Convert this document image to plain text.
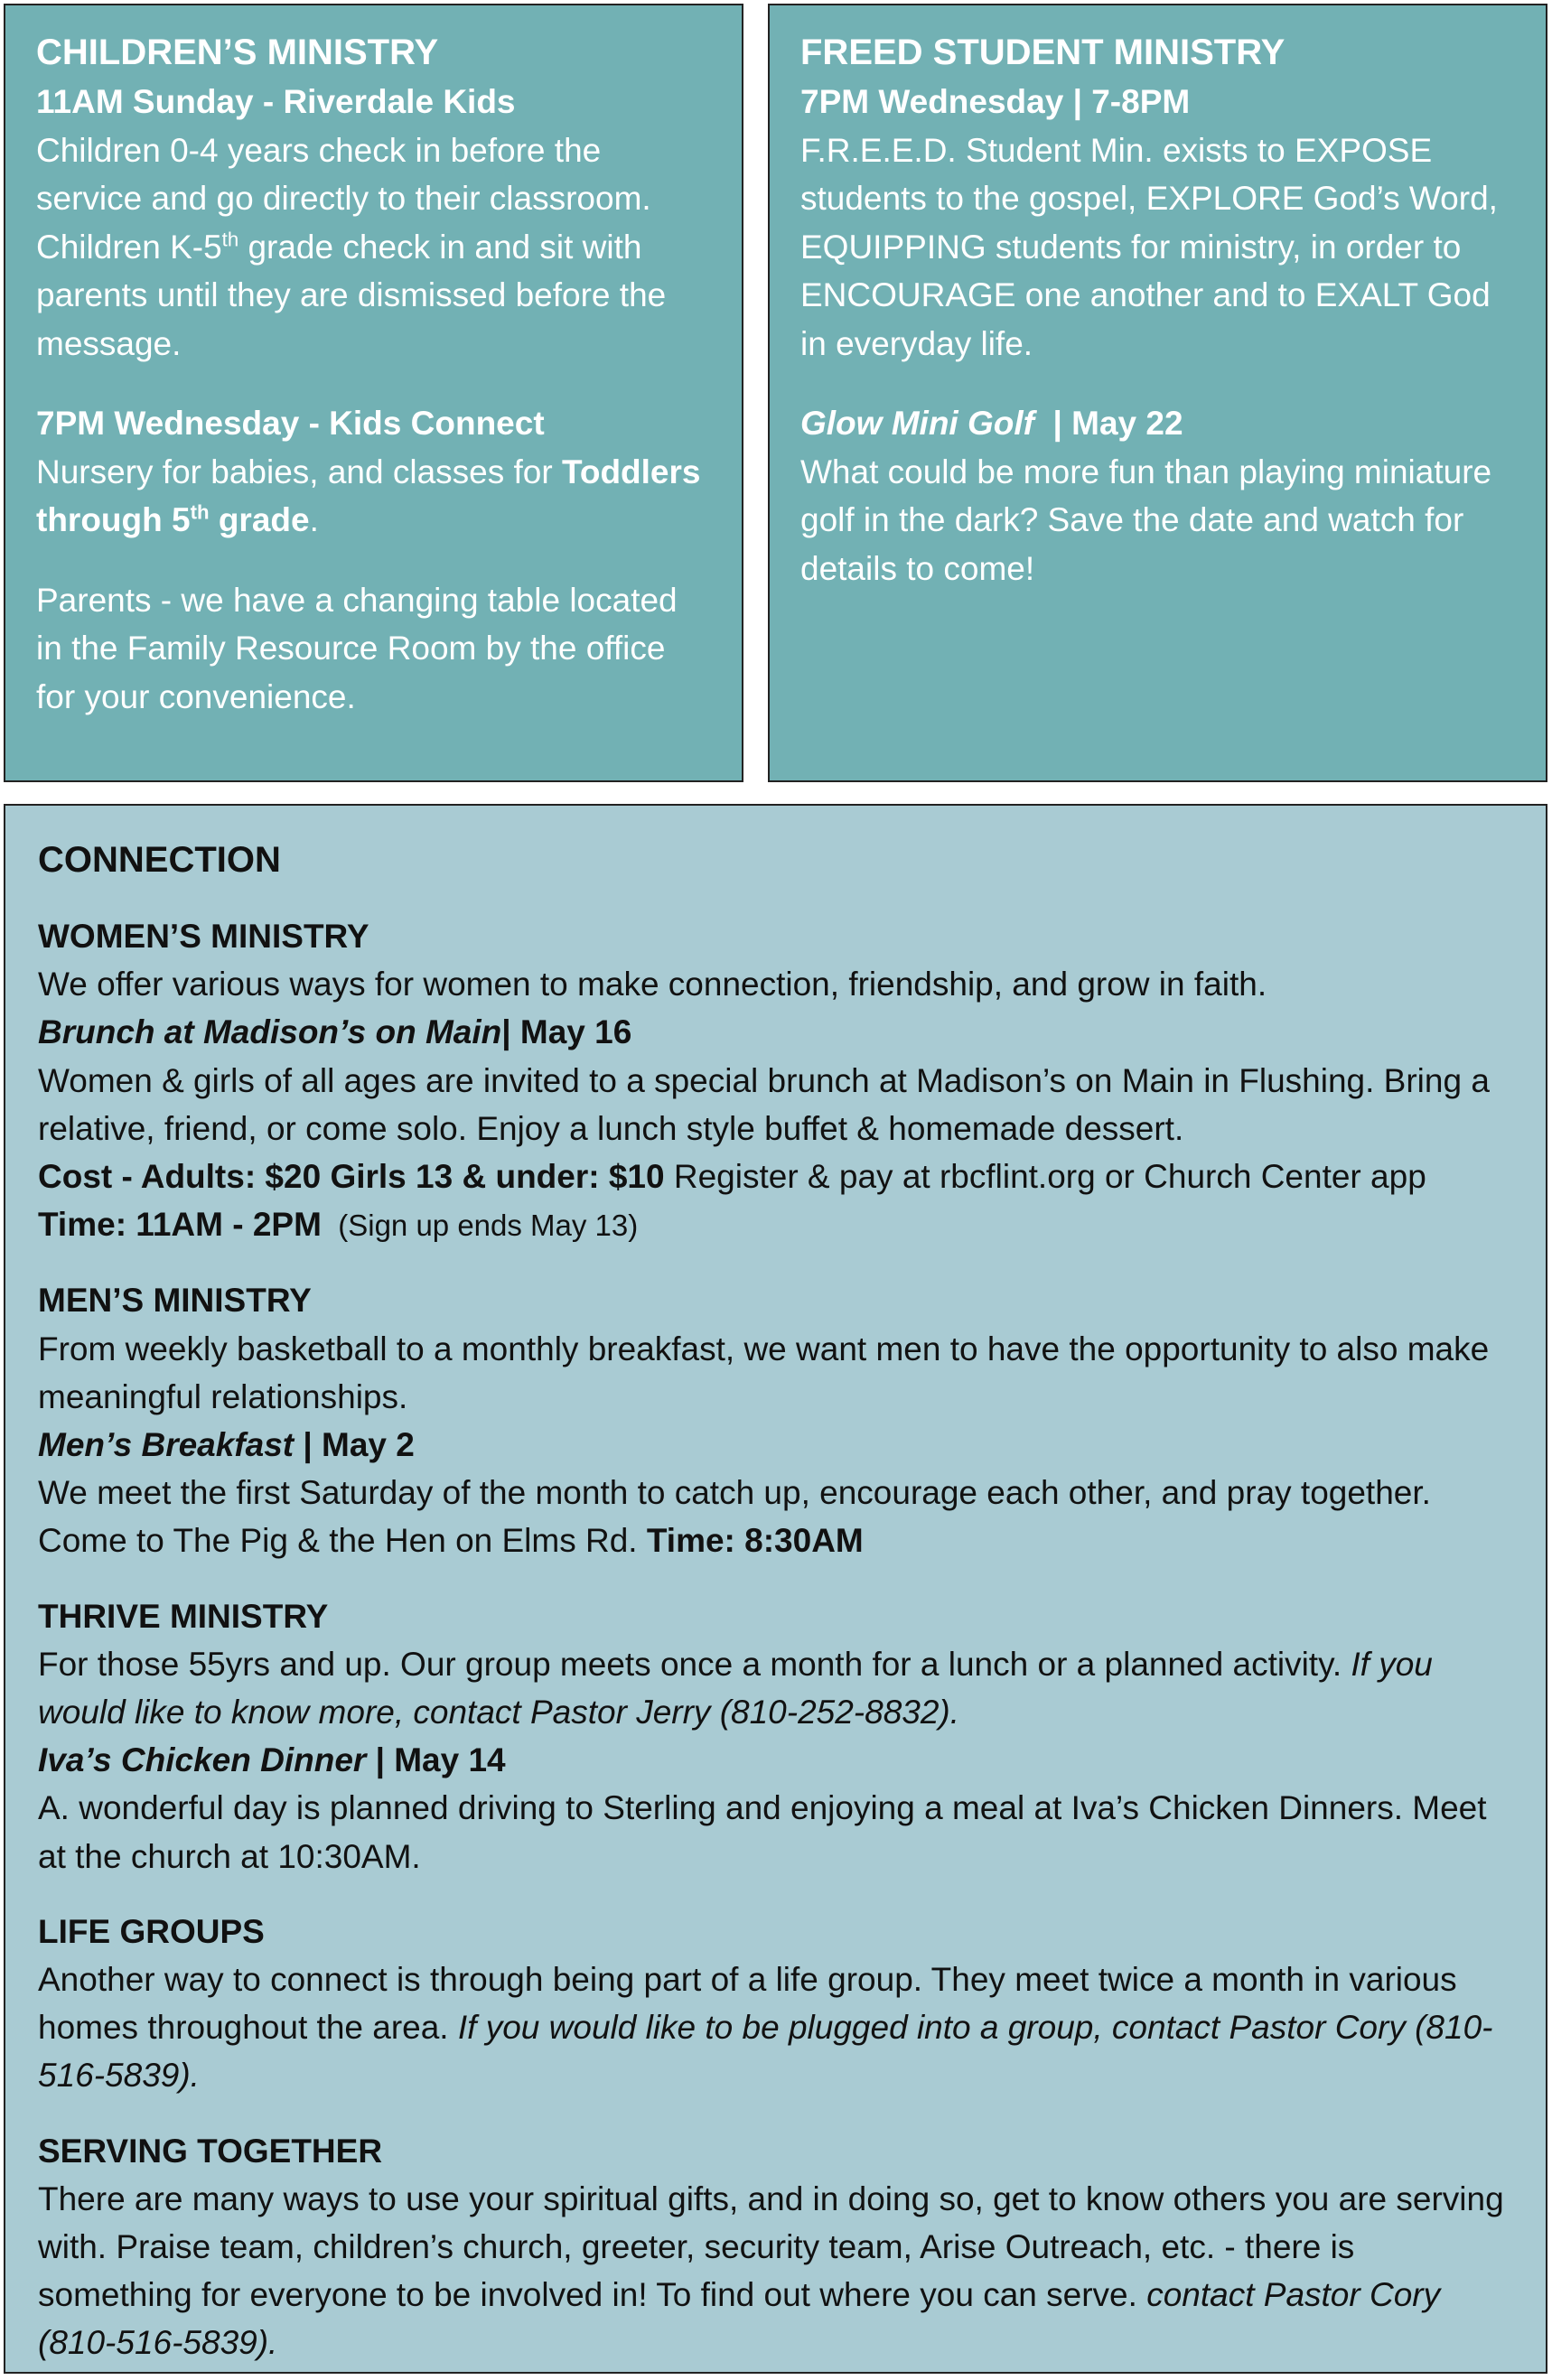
CHILDREN’S MINISTRY
11AM Sunday - Riverdale Kids

Children 0-4 years check in before the service and go directly to their classroom. Children K-5th grade check in and sit with parents until they are dismissed before the message.

7PM Wednesday - Kids Connect

Nursery for babies, and classes for Toddlers through 5th grade.

Parents - we have a changing table located in the Family Resource Room by the office for your convenience.

FREED STUDENT MINISTRY
7PM Wednesday | 7-8PM

F.R.E.E.D. Student Min. exists to EXPOSE students to the gospel, EXPLORE God’s Word, EQUIPPING students for ministry, in order to ENCOURAGE one another and to EXALT God in everyday life.

Glow Mini Golf  | May 22

What could be more fun than playing miniature golf in the dark? Save the date and watch for details to come!

CONNECTION
WOMEN’S MINISTRY

We offer various ways for women to make connection, friendship, and grow in faith.

Brunch at Madison’s on Main| May 16

Women & girls of all ages are invited to a special brunch at Madison’s on Main in Flushing. Bring a relative, friend, or come solo. Enjoy a lunch style buffet & homemade dessert.

Cost - Adults: $20 Girls 13 & under: $10 Register & pay at rbcflint.org or Church Center app

Time: 11AM - 2PM  (Sign up ends May 13)

MEN’S MINISTRY

From weekly basketball to a monthly breakfast, we want men to have the opportunity to also make meaningful relationships.

Men’s Breakfast | May 2

We meet the first Saturday of the month to catch up, encourage each other, and pray together. Come to The Pig & the Hen on Elms Rd. Time: 8:30AM

THRIVE MINISTRY

For those 55yrs and up. Our group meets once a month for a lunch or a planned activity. If you would like to know more, contact Pastor Jerry (810-252-8832).

Iva’s Chicken Dinner | May 14

A. wonderful day is planned driving to Sterling and enjoying a meal at Iva’s Chicken Dinners. Meet at the church at 10:30AM.

LIFE GROUPS

Another way to connect is through being part of a life group. They meet twice a month in various homes throughout the area. If you would like to be plugged into a group, contact Pastor Cory (810-516-5839).

SERVING TOGETHER

There are many ways to use your spiritual gifts, and in doing so, get to know others you are serving with. Praise team, children’s church, greeter, security team, Arise Outreach, etc. - there is something for everyone to be involved in! To find out where you can serve. contact Pastor Cory (810-516-5839).
